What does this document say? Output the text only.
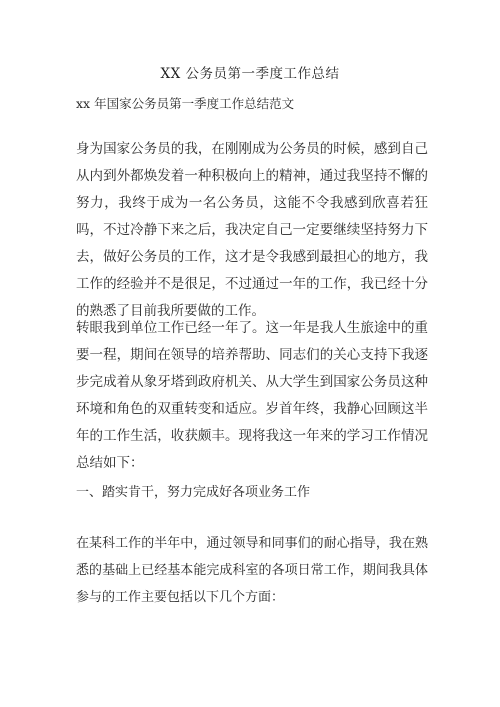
XX 公务员第一季度工作总结

xx 年国家公务员第一季度工作总结范文

身为国家公务员的我，在刚刚成为公务员的时候，感到自己从内到外都焕发着一种积极向上的精神，通过我坚持不懈的努力，我终于成为一名公务员，这能不令我感到欣喜若狂吗，不过冷静下来之后，我决定自己一定要继续坚持努力下去，做好公务员的工作，这才是令我感到最担心的地方，我工作的经验并不是很足，不过通过一年的工作，我已经十分的熟悉了目前我所要做的工作。

转眼我到单位工作已经一年了。这一年是我人生旅途中的重要一程，期间在领导的培养帮助、同志们的关心支持下我逐步完成着从象牙塔到政府机关、从大学生到国家公务员这种环境和角色的双重转变和适应。岁首年终，我静心回顾这半年的工作生活，收获颇丰。现将我这一年来的学习工作情况总结如下：

一、踏实肯干，努力完成好各项业务工作

在某科工作的半年中，通过领导和同事们的耐心指导，我在熟悉的基础上已经基本能完成科室的各项日常工作，期间我具体参与的工作主要包括以下几个方面：
